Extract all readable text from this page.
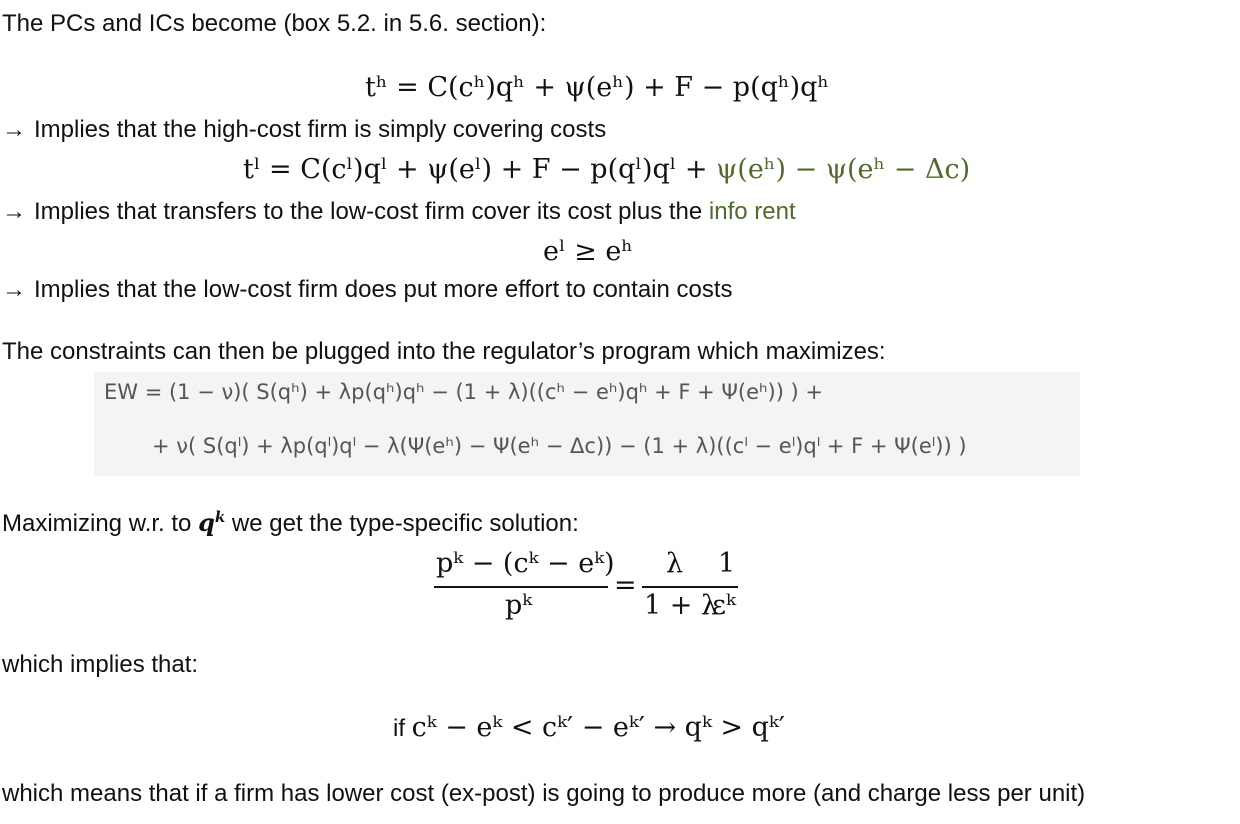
The PCs and ICs become (box 5.2. in 5.6. section):
tʰ = C(cʰ)qʰ + ψ(eʰ) + F − p(qʰ)qʰ
→ Implies that the high-cost firm is simply covering costs
tˡ = C(cˡ)qˡ + ψ(eˡ) + F − p(qˡ)qˡ + ψ(eʰ) − ψ(eʰ − Δc)
→ Implies that transfers to the low-cost firm cover its cost plus the info rent
eˡ ≥ eʰ
→ Implies that the low-cost firm does put more effort to contain costs
The constraints can then be plugged into the regulator’s program which maximizes:
EW = (1 − ν)( S(qʰ) + λp(qʰ)qʰ − (1 + λ)((cʰ − eʰ)qʰ + F + Ψ(eʰ)) ) +
+ ν( S(qˡ) + λp(qˡ)qˡ − λ(Ψ(eʰ) − Ψ(eʰ − Δc)) − (1 + λ)((cˡ − eˡ)qˡ + F + Ψ(eˡ)) )
Maximizing w.r. to $q^k$ we get the type-specific solution:
pᵏ − (cᵏ − eᵏ)
pᵏ
=
λ
1 + λ
1
εᵏ
which implies that:
if cᵏ − eᵏ < cᵏ′ − eᵏ′ → qᵏ > qᵏ′
which means that if a firm has lower cost (ex-post) is going to produce more (and charge less per unit)
